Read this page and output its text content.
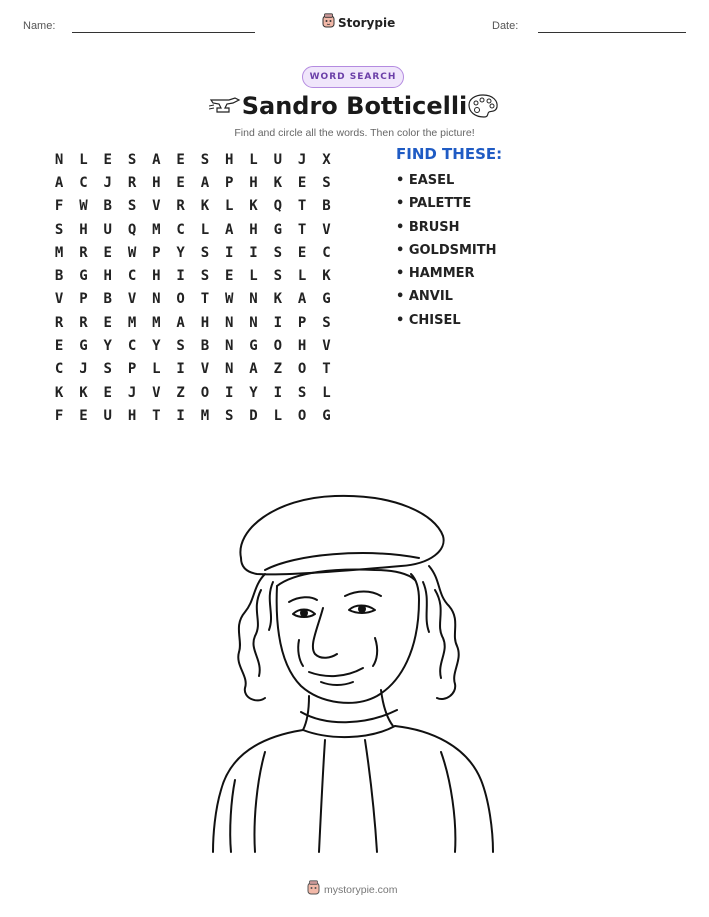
Name:	Storypie	Date:
WORD SEARCH
Sandro Botticelli
Find and circle all the words. Then color the picture!
N	L	E	S	A	E	S	H	L	U	J	X
A	C	J	R	H	E	A	P	H	K	E	S
F	W	B	S	V	R	K	L	K	Q	T	B
S	H	U	Q	M	C	L	A	H	G	T	V
M	R	E	W	P	Y	S	I	I	S	E	C
B	G	H	C	H	I	S	E	L	S	L	K
V	P	B	V	N	O	T	W	N	K	A	G
R	R	E	M	M	A	H	N	N	I	P	S
E	G	Y	C	Y	S	B	N	G	O	H	V
C	J	S	P	L	I	V	N	A	Z	O	T
K	K	E	J	V	Z	O	I	Y	I	S	L
F	E	U	H	T	I	M	S	D	L	O	G
FIND THESE:
• EASEL
• PALETTE
• BRUSH
• GOLDSMITH
• HAMMER
• ANVIL
• CHISEL
mystorypie.com
